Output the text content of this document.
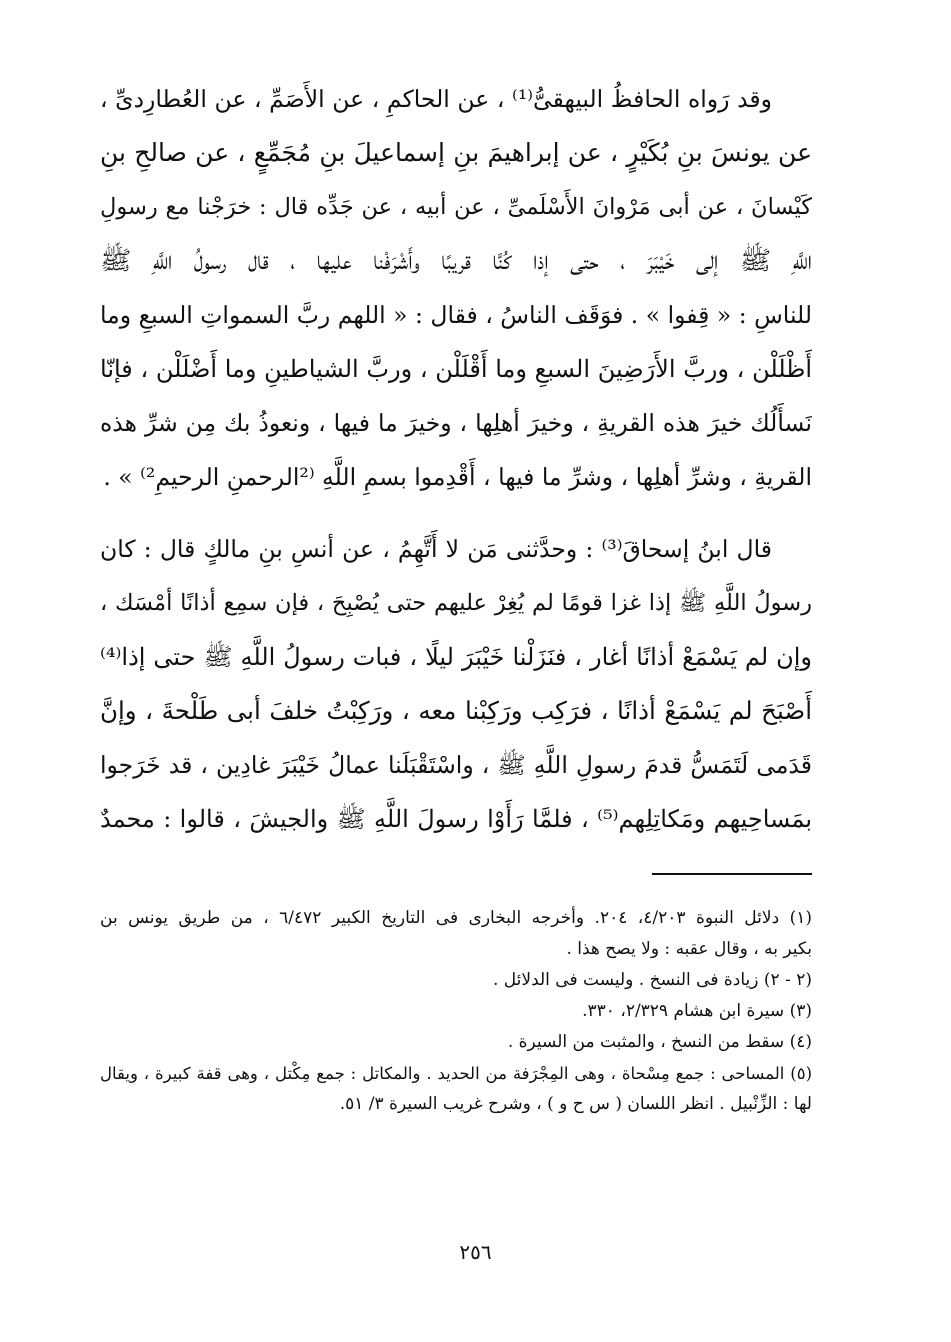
وقد رَواه الحافظُ البيهقىُّ⁽¹⁾ ، عن الحاكمِ ، عن الأَصَمِّ ، عن العُطارِدىِّ ،
عن يونسَ بنِ بُكَيْرٍ ، عن إبراهيمَ بنِ إسماعيلَ بنِ مُجَمِّعٍ ، عن صالحِ بنِ
كَيْسانَ ، عن أبى مَرْوانَ الأَسْلَمىِّ ، عن أبيه ، عن جَدِّه قال : خرَجْنا مع رسولِ
اللَّهِ ﷺ إلى خَيْبَرَ ، حتى إذا كُنَّا قريبًا وأَشْرَفْنا عليها ، قال رسولُ اللَّهِ ﷺ
للناسِ : « قِفوا » . فوَقَف الناسُ ، فقال : « اللهم ربَّ السمواتِ السبعِ وما
أَظْلَلْن ، وربَّ الأَرَضِينَ السبعِ وما أَقْلَلْن ، وربَّ الشياطينِ وما أَضْلَلْن ، فإنّا
نَسأَلُك خيرَ هذه القريةِ ، وخيرَ أهلِها ، وخيرَ ما فيها ، ونعوذُ بك مِن شرِّ هذه
القريةِ ، وشرِّ أهلِها ، وشرِّ ما فيها ، أَقْدِموا بسمِ اللَّهِ ⁽²الرحمنِ الرحيمِ²⁾ » .
قال ابنُ إسحاقَ⁽³⁾ : وحدَّثنى مَن لا أَتَّهِمُ ، عن أنسِ بنِ مالكٍ قال : كان
رسولُ اللَّهِ ﷺ إذا غزا قومًا لم يُغِرْ عليهم حتى يُصْبِحَ ، فإن سمِع أذانًا أمْسَك ،
وإن لم يَسْمَعْ أذانًا أغار ، فنَزَلْنا خَيْبَرَ ليلًا ، فبات رسولُ اللَّهِ ﷺ حتى إذا⁽⁴⁾
أَصْبَحَ لم يَسْمَعْ أذانًا ، فرَكِب ورَكِبْنا معه ، ورَكِبْتُ خلفَ أبى طَلْحةَ ، وإنَّ
قَدَمى لَتَمَسُّ قدمَ رسولِ اللَّهِ ﷺ ، واسْتَقْبَلَنا عمالُ خَيْبَرَ غادِين ، قد خَرَجوا
بمَساحِيهم ومَكاتِلِهم⁽⁵⁾ ، فلمَّا رَأَوْا رسولَ اللَّهِ ﷺ والجيشَ ، قالوا : محمدٌ
(١) دلائل النبوة ٤/٢٠٣، ٢٠٤. وأخرجه البخارى فى التاريخ الكبير ٦/٤٧٢ ، من طريق يونس بن
بكير به ، وقال عقبه : ولا يصح هذا .
(٢ - ٢) زيادة فى النسخ . وليست فى الدلائل .
(٣) سيرة ابن هشام ٢/٣٢٩، ٣٣٠.
(٤) سقط من النسخ ، والمثبت من السيرة .
(٥) المساحى : جمع مِسْحاة ، وهى المِجْرَفة من الحديد . والمكاتل : جمع مِكْتل ، وهى قفة كبيرة ، ويقال
لها : الزِّنْبيل . انظر اللسان ( س ح و ) ، وشرح غريب السيرة ٣/ ٥١.
٢٥٦
